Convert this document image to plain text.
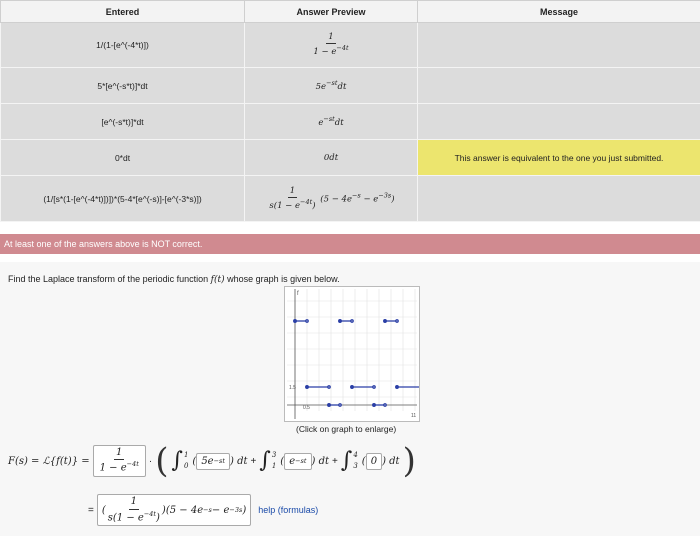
Entered	Answer Preview	Message
1/(1-[e^(-4*t)])	$\frac{1}{1 - e^{-4t}}$

5*[e^(-s*t)]*dt	$5e^{-st}dt$	
[e^(-s*t)]*dt	$e^{-st}dt$	
0*dt	0dt	This answer is equivalent to the one you just submitted.
(1/[s*(1-[e^(-4*t)])])*(5-4*[e^(-s)]-[e^(-3*s)])	$\frac{1}{s(1 - e^{-4t})} (5 - 4e^{-s} - e^{-3s})$	
At least one of the answers above is NOT correct.
Find the Laplace transform of the periodic function f(t) whose graph is given below.
f
1.5
0.5
11
(Click on graph to enlarge)
F(s) = ℒ{f(t)} = $\frac{1}{1 - e^{-4t}}$ · ( ∫ 1
0 ( 5e −st ) dt + ∫ 3
1 ( e −st ) dt + ∫ 4
3 ( 0 ) dt )
= ( $\frac{1}{s(1 - e^{-4t})}$ ) (5 − 4e −s − e −3s ) help (formulas)
